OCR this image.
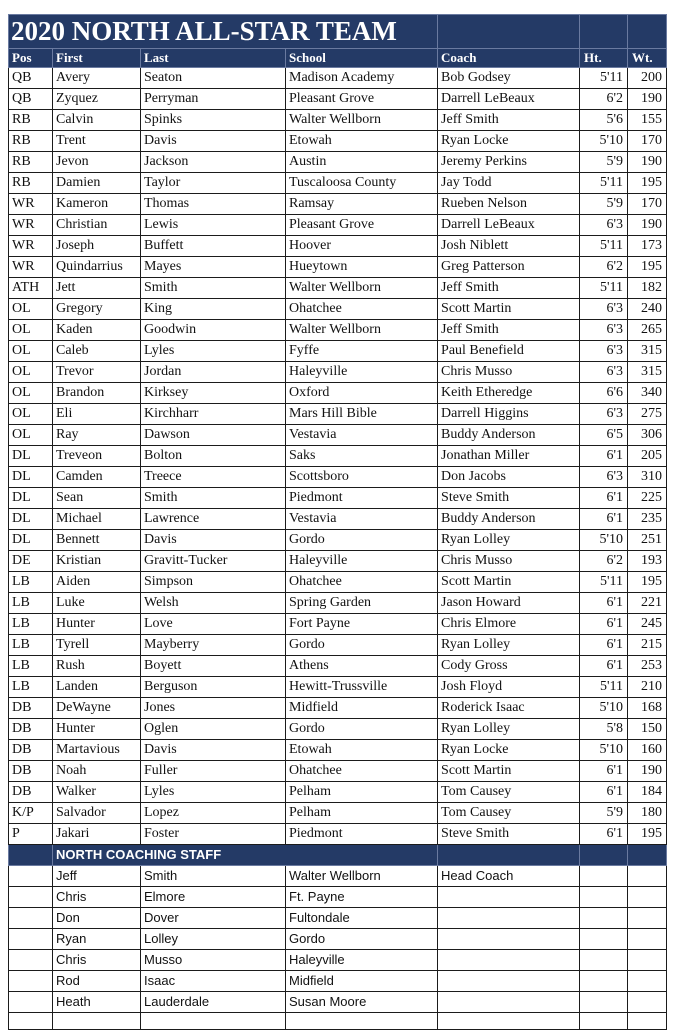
2020 NORTH ALL-STAR TEAM						
Pos	First	Last	School	Coach	Ht.	Wt.
QB	Avery	Seaton	Madison Academy	Bob Godsey	5'11	200
QB	Zyquez	Perryman	Pleasant Grove	Darrell LeBeaux	6'2	190
RB	Calvin	Spinks	Walter Wellborn	Jeff Smith	5'6	155
RB	Trent	Davis	Etowah	Ryan Locke	5'10	170
RB	Jevon	Jackson	Austin	Jeremy Perkins	5'9	190
RB	Damien	Taylor	Tuscaloosa County	Jay Todd	5'11	195
WR	Kameron	Thomas	Ramsay	Rueben Nelson	5'9	170
WR	Christian	Lewis	Pleasant Grove	Darrell LeBeaux	6'3	190
WR	Joseph	Buffett	Hoover	Josh Niblett	5'11	173
WR	Quindarrius	Mayes	Hueytown	Greg Patterson	6'2	195
ATH	Jett	Smith	Walter Wellborn	Jeff Smith	5'11	182
OL	Gregory	King	Ohatchee	Scott Martin	6'3	240
OL	Kaden	Goodwin	Walter Wellborn	Jeff Smith	6'3	265
OL	Caleb	Lyles	Fyffe	Paul Benefield	6'3	315
OL	Trevor	Jordan	Haleyville	Chris Musso	6'3	315
OL	Brandon	Kirksey	Oxford	Keith Etheredge	6'6	340
OL	Eli	Kirchharr	Mars Hill Bible	Darrell Higgins	6'3	275
OL	Ray	Dawson	Vestavia	Buddy Anderson	6'5	306
DL	Treveon	Bolton	Saks	Jonathan Miller	6'1	205
DL	Camden	Treece	Scottsboro	Don Jacobs	6'3	310
DL	Sean	Smith	Piedmont	Steve Smith	6'1	225
DL	Michael	Lawrence	Vestavia	Buddy Anderson	6'1	235
DL	Bennett	Davis	Gordo	Ryan Lolley	5'10	251
DE	Kristian	Gravitt-Tucker	Haleyville	Chris Musso	6'2	193
LB	Aiden	Simpson	Ohatchee	Scott Martin	5'11	195
LB	Luke	Welsh	Spring Garden	Jason Howard	6'1	221
LB	Hunter	Love	Fort Payne	Chris Elmore	6'1	245
LB	Tyrell	Mayberry	Gordo	Ryan Lolley	6'1	215
LB	Rush	Boyett	Athens	Cody Gross	6'1	253
LB	Landen	Berguson	Hewitt-Trussville	Josh Floyd	5'11	210
DB	DeWayne	Jones	Midfield	Roderick Isaac	5'10	168
DB	Hunter	Oglen	Gordo	Ryan Lolley	5'8	150
DB	Martavious	Davis	Etowah	Ryan Locke	5'10	160
DB	Noah	Fuller	Ohatchee	Scott Martin	6'1	190
DB	Walker	Lyles	Pelham	Tom Causey	6'1	184
K/P	Salvador	Lopez	Pelham	Tom Causey	5'9	180
P	Jakari	Foster	Piedmont	Steve Smith	6'1	195
	NORTH COACHING STAFF					
	Jeff	Smith	Walter Wellborn	Head Coach		
	Chris	Elmore	Ft. Payne			
	Don	Dover	Fultondale			
	Ryan	Lolley	Gordo			
	Chris	Musso	Haleyville			
	Rod	Isaac	Midfield			
	Heath	Lauderdale	Susan Moore			
